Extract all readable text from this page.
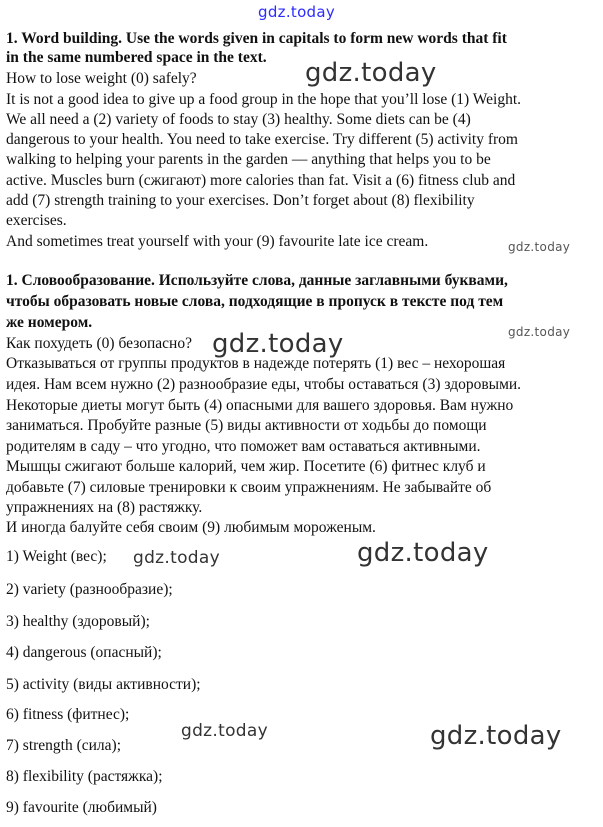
gdz.today
1. Word building. Use the words given in capitals to form new words that fit
in the same numbered space in the text.
How to lose weight (0) safely?
It is not a good idea to give up a food group in the hope that you’ll lose (1) Weight.
We all need a (2) variety of foods to stay (3) healthy. Some diets can be (4)
dangerous to your health. You need to take exercise. Try different (5) activity from
walking to helping your parents in the garden — anything that helps you to be
active. Muscles burn (сжигают) more calories than fat. Visit a (6) fitness club and
add (7) strength training to your exercises. Don’t forget about (8) flexibility
exercises.
And sometimes treat yourself with your (9) favourite late ice cream.
gdz.today
gdz.today
1. Словообразование. Используйте слова, данные заглавными буквами,
чтобы образовать новые слова, подходящие в пропуск в тексте под тем
же номером.
Как похудеть (0) безопасно?
Отказываться от группы продуктов в надежде потерять (1) вес – нехорошая
идея. Нам всем нужно (2) разнообразие еды, чтобы оставаться (3) здоровыми.
Некоторые диеты могут быть (4) опасными для вашего здоровья. Вам нужно
заниматься. Пробуйте разные (5) виды активности от ходьбы до помощи
родителям в саду – что угодно, что поможет вам оставаться активными.
Мышцы сжигают больше калорий, чем жир. Посетите (6) фитнес клуб и
добавьте (7) силовые тренировки к своим упражнениям. Не забывайте об
упражнениях на (8) растяжку.
И иногда балуйте себя своим (9) любимым мороженым.
gdz.today
gdz.today
1) Weight (вес);
2) variety (разнообразие);
3) healthy (здоровый);
4) dangerous (опасный);
5) activity (виды активности);
6) fitness (фитнес);
7) strength (сила);
8) flexibility (растяжка);
9) favourite (любимый)
gdz.today	gdz.today
gdz.today	gdz.today
